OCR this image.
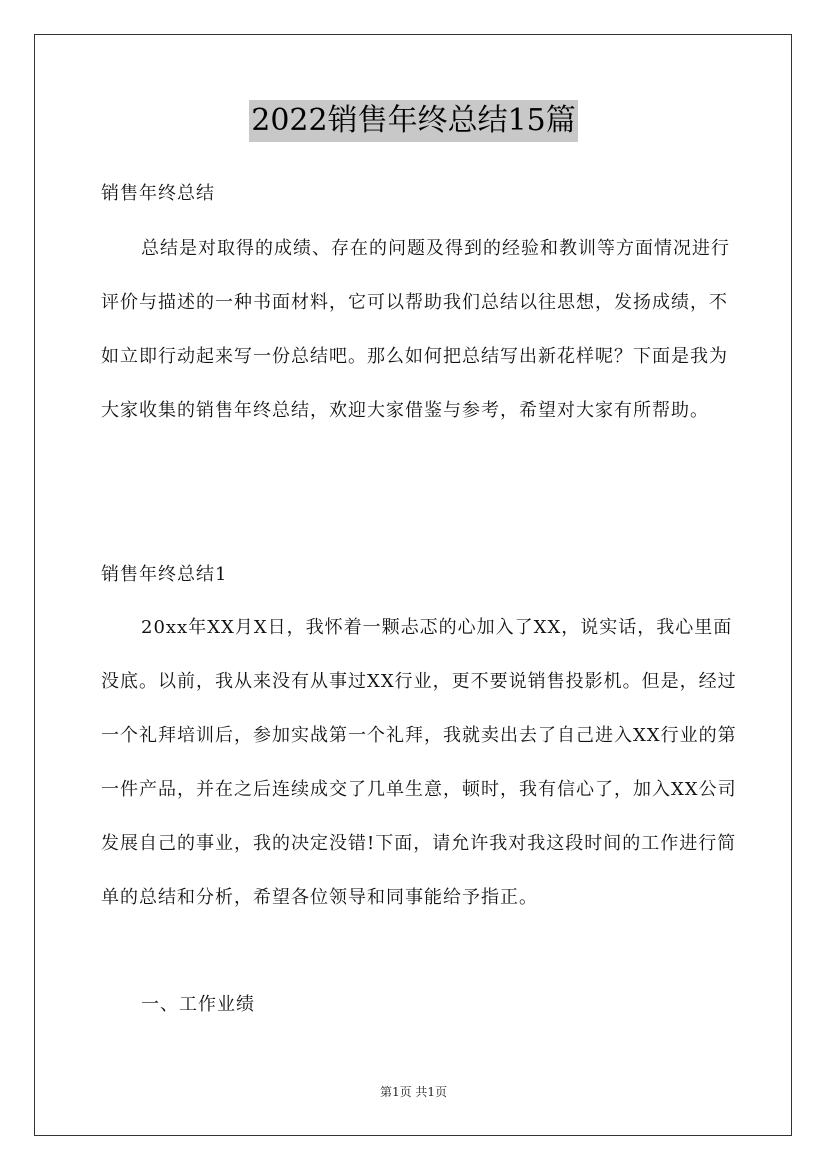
2022销售年终总结15篇

销售年终总结

总结是对取得的成绩、存在的问题及得到的经验和教训等方面情况进行评价与描述的一种书面材料，它可以帮助我们总结以往思想，发扬成绩，不如立即行动起来写一份总结吧。那么如何把总结写出新花样呢？下面是我为大家收集的销售年终总结，欢迎大家借鉴与参考，希望对大家有所帮助。

销售年终总结1

20xx年XX月X日，我怀着一颗忐忑的心加入了XX，说实话，我心里面没底。以前，我从来没有从事过XX行业，更不要说销售投影机。但是，经过一个礼拜培训后，参加实战第一个礼拜，我就卖出去了自己进入XX行业的第一件产品，并在之后连续成交了几单生意，顿时，我有信心了，加入XX公司发展自己的事业，我的决定没错!下面，请允许我对我这段时间的工作进行简单的总结和分析，希望各位领导和同事能给予指正。

一、工作业绩

第1页 共1页
